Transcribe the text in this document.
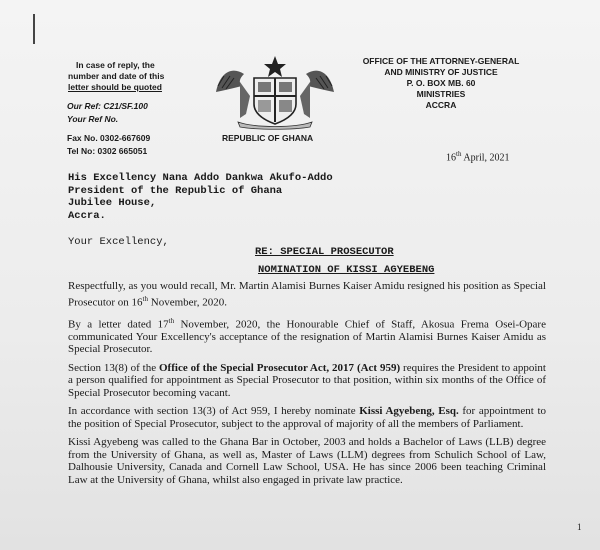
In case of reply, the
number and date of this
letter should be quoted
Our Ref: C21/SF.100
Your Ref No.
Fax No. 0302-667609
Tel No: 0302 665051
REPUBLIC OF GHANA
OFFICE OF THE ATTORNEY-GENERAL
AND MINISTRY OF JUSTICE
P. O. BOX MB. 60
MINISTRIES
ACCRA
16th April, 2021
His Excellency Nana Addo Dankwa Akufo-Addo
President of the Republic of Ghana
Jubilee House,
Accra.
Your Excellency,
RE: SPECIAL PROSECUTOR
NOMINATION OF KISSI AGYEBENG

Respectfully, as you would recall, Mr. Martin Alamisi Burnes Kaiser Amidu resigned his position as Special Prosecutor on 16th November, 2020.

By a letter dated 17th November, 2020, the Honourable Chief of Staff, Akosua Frema Osei-Opare communicated Your Excellency's acceptance of the resignation of Martin Alamisi Burnes Kaiser Amidu as Special Prosecutor.

Section 13(8) of the Office of the Special Prosecutor Act, 2017 (Act 959) requires the President to appoint a person qualified for appointment as Special Prosecutor to that position, within six months of the Office of Special Prosecutor becoming vacant.

In accordance with section 13(3) of Act 959, I hereby nominate Kissi Agyebeng, Esq. for appointment to the position of Special Prosecutor, subject to the approval of majority of all the members of Parliament.

Kissi Agyebeng was called to the Ghana Bar in October, 2003 and holds a Bachelor of Laws (LLB) degree from the University of Ghana, as well as, Master of Laws (LLM) degrees from Schulich School of Law, Dalhousie University, Canada and Cornell Law School, USA. He has since 2006 been teaching Criminal Law at the University of Ghana, whilst also engaged in private law practice.

1
